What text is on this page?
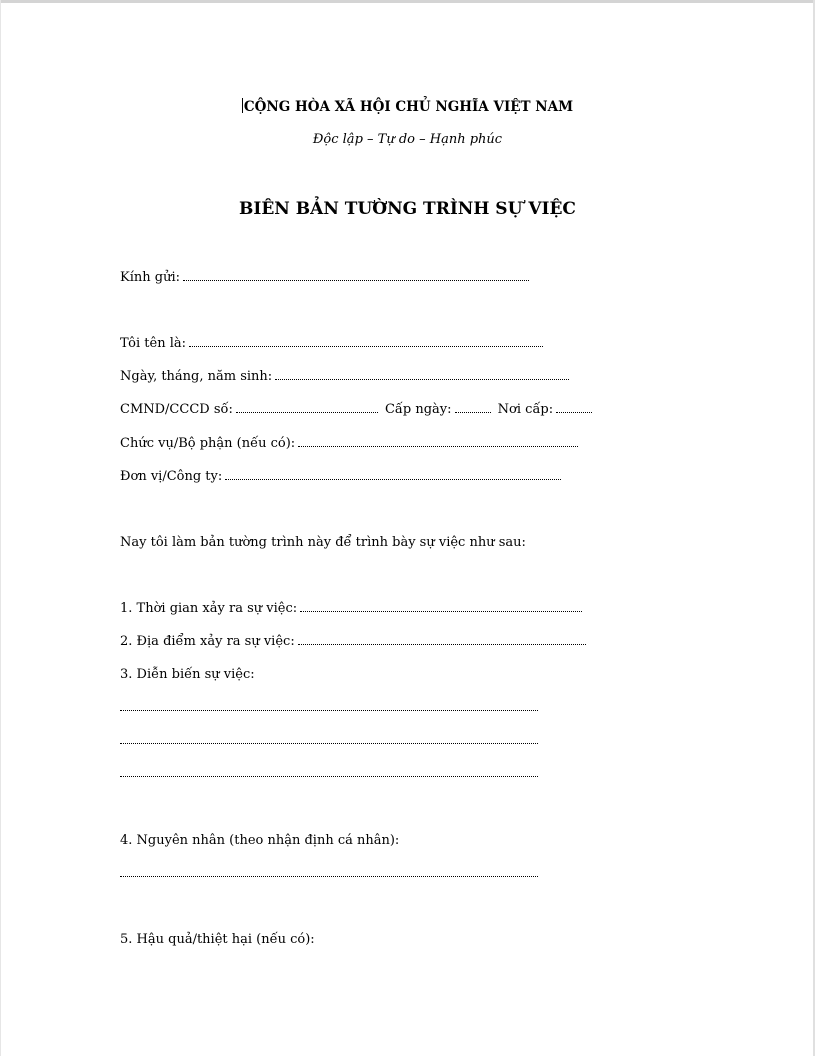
CỘNG HÒA XÃ HỘI CHỦ NGHĨA VIỆT NAM
Độc lập – Tự do – Hạnh phúc
BIÊN BẢN TƯỜNG TRÌNH SỰ VIỆC
Kính gửi:
Tôi tên là:
Ngày, tháng, năm sinh:
CMND/CCCD số:	Cấp ngày:	Nơi cấp:
Chức vụ/Bộ phận (nếu có):
Đơn vị/Công ty:
Nay tôi làm bản tường trình này để trình bày sự việc như sau:
1. Thời gian xảy ra sự việc:
2. Địa điểm xảy ra sự việc:
3. Diễn biến sự việc:
4. Nguyên nhân (theo nhận định cá nhân):
5. Hậu quả/thiệt hại (nếu có):
